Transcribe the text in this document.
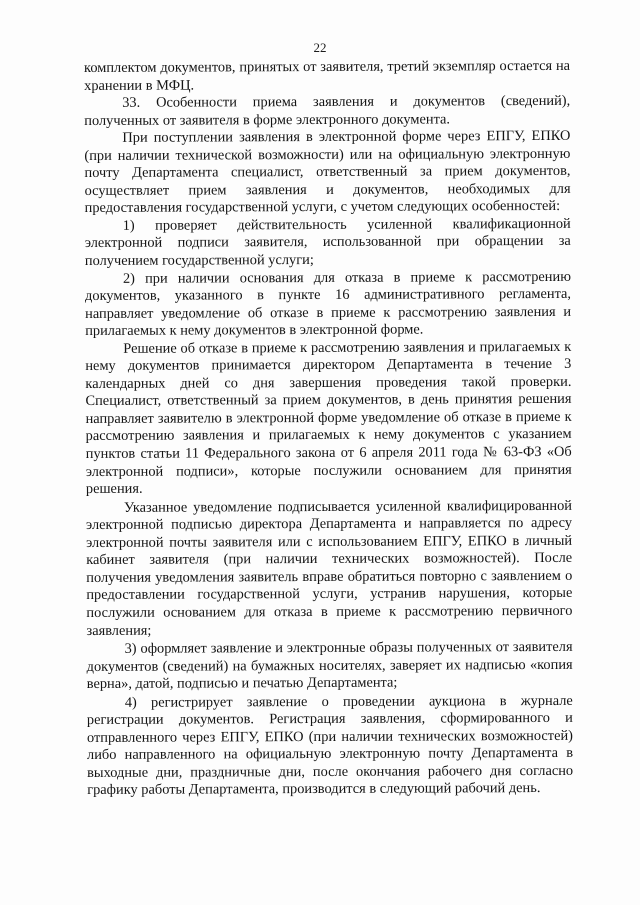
22

комплектом документов, принятых от заявителя, третий экземпляр остается на хранении в МФЦ.

33. Особенности приема заявления и документов (сведений), полученных от заявителя в форме электронного документа.

При поступлении заявления в электронной форме через ЕПГУ, ЕПКО (при наличии технической возможности) или на официальную электронную почту Департамента специалист, ответственный за прием документов, осуществляет прием заявления и документов, необходимых для предоставления государственной услуги, с учетом следующих особенностей:

1) проверяет действительность усиленной квалификационной электронной подписи заявителя, использованной при обращении за получением государственной услуги;

2) при наличии основания для отказа в приеме к рассмотрению документов, указанного в пункте 16 административного регламента, направляет уведомление об отказе в приеме к рассмотрению заявления и прилагаемых к нему документов в электронной форме.

Решение об отказе в приеме к рассмотрению заявления и прилагаемых к нему документов принимается директором Департамента в течение 3 календарных дней со дня завершения проведения такой проверки. Специалист, ответственный за прием документов, в день принятия решения направляет заявителю в электронной форме уведомление об отказе в приеме к рассмотрению заявления и прилагаемых к нему документов с указанием пунктов статьи 11 Федерального закона от 6 апреля 2011 года № 63-ФЗ «Об электронной подписи», которые послужили основанием для принятия решения.

Указанное уведомление подписывается усиленной квалифицированной электронной подписью директора Департамента и направляется по адресу электронной почты заявителя или с использованием ЕПГУ, ЕПКО в личный кабинет заявителя (при наличии технических возможностей). После получения уведомления заявитель вправе обратиться повторно с заявлением о предоставлении государственной услуги, устранив нарушения, которые послужили основанием для отказа в приеме к рассмотрению первичного заявления;

3) оформляет заявление и электронные образы полученных от заявителя документов (сведений) на бумажных носителях, заверяет их надписью «копия верна», датой, подписью и печатью Департамента;

4) регистрирует заявление о проведении аукциона в журнале регистрации документов. Регистрация заявления, сформированного и отправленного через ЕПГУ, ЕПКО (при наличии технических возможностей) либо направленного на официальную электронную почту Департамента в выходные дни, праздничные дни, после окончания рабочего дня согласно графику работы Департамента, производится в следующий рабочий день.
